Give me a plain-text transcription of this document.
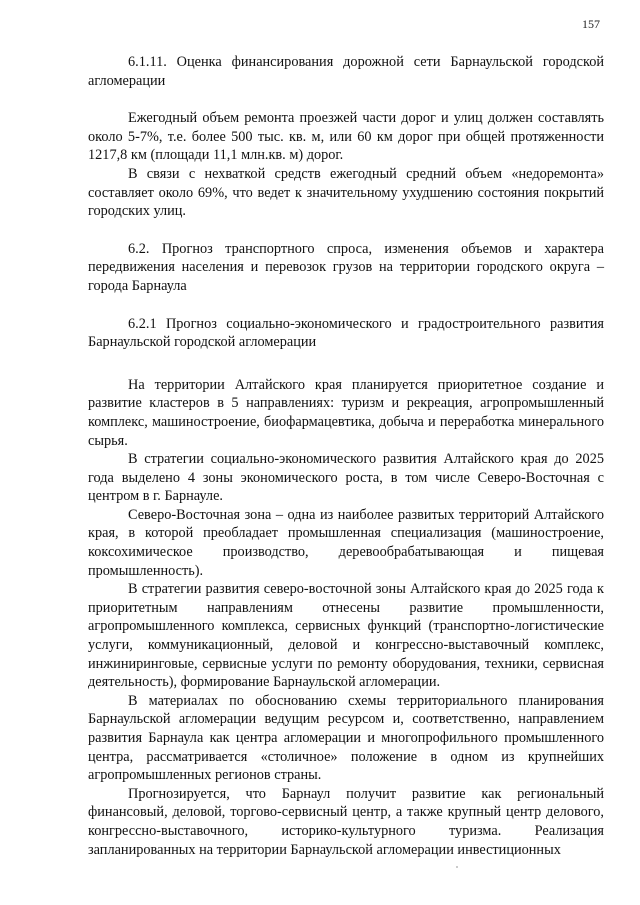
157
6.1.11. Оценка финансирования дорожной сети Барнаульской городской агломерации

Ежегодный объем ремонта проезжей части дорог и улиц должен составлять около 5-7%, т.е. более 500 тыс. кв. м, или 60 км дорог при общей протяженности 1217,8 км (площади 11,1 млн.кв. м) дорог.

В связи с нехваткой средств ежегодный средний объем «недоремонта» составляет около 69%, что ведет к значительному ухудшению состояния покрытий городских улиц.

6.2. Прогноз транспортного спроса, изменения объемов и характера передвижения населения и перевозок грузов на территории городского округа – города Барнаула
6.2.1 Прогноз социально-экономического и градостроительного развития Барнаульской городской агломерации

На территории Алтайского края планируется приоритетное создание и развитие кластеров в 5 направлениях: туризм и рекреация, агропромышленный комплекс, машиностроение, биофармацевтика, добыча и переработка минерального сырья.

В стратегии социально-экономического развития Алтайского края до 2025 года выделено 4 зоны экономического роста, в том числе Северо-Восточная с центром в г. Барнауле.

Северо-Восточная зона – одна из наиболее развитых территорий Алтайского края, в которой преобладает промышленная специализация (машиностроение, коксохимическое производство, деревообрабатывающая и пищевая промышленность).

В стратегии развития северо-восточной зоны Алтайского края до 2025 года к приоритетным направлениям отнесены развитие промышленности, агропромышленного комплекса, сервисных функций (транспортно-логистические услуги, коммуникационный, деловой и конгрессно-выставочный комплекс, инжиниринговые, сервисные услуги по ремонту оборудования, техники, сервисная деятельность), формирование Барнаульской агломерации.

В материалах по обоснованию схемы территориального планирования Барнаульской агломерации ведущим ресурсом и, соответственно, направлением развития Барнаула как центра агломерации и многопрофильного промышленного центра, рассматривается «столичное» положение в одном из крупнейших агропромышленных регионов страны.

Прогнозируется, что Барнаул получит развитие как региональный финансовый, деловой, торгово-сервисный центр, а также крупный центр делового, конгрессно-выставочного, историко-культурного туризма. Реализация запланированных на территории Барнаульской агломерации инвестиционных
